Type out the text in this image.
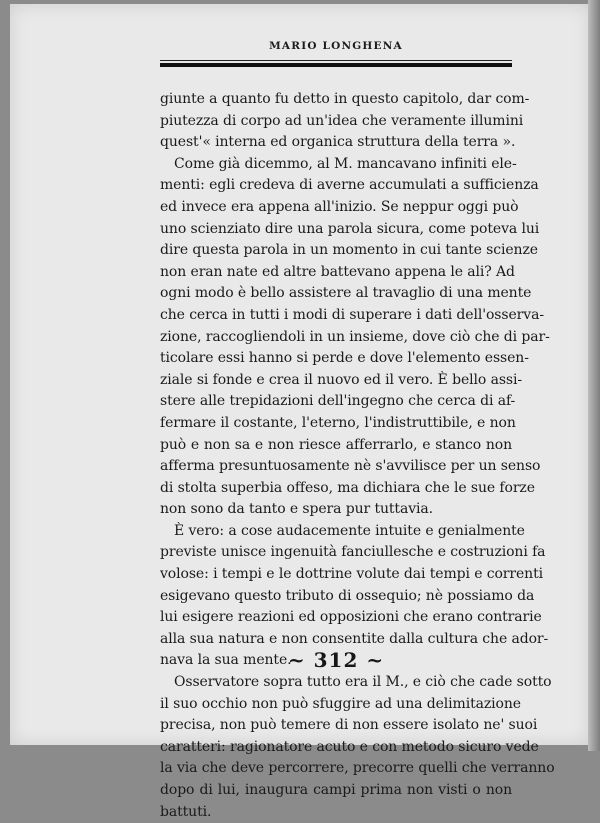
MARIO LONGHENA
giunte a quanto fu detto in questo capitolo, dar com-
piutezza di corpo ad un'idea che veramente illumini
quest'« interna ed organica struttura della terra ».
Come già dicemmo, al M. mancavano infiniti ele-
menti: egli credeva di averne accumulati a sufficienza
ed invece era appena all'inizio. Se neppur oggi può
uno scienziato dire una parola sicura, come poteva lui
dire questa parola in un momento in cui tante scienze
non eran nate ed altre battevano appena le ali? Ad
ogni modo è bello assistere al travaglio di una mente
che cerca in tutti i modi di superare i dati dell'osserva-
zione, raccogliendoli in un insieme, dove ciò che di par-
ticolare essi hanno si perde e dove l'elemento essen-
ziale si fonde e crea il nuovo ed il vero. È bello assi-
stere alle trepidazioni dell'ingegno che cerca di af-
fermare il costante, l'eterno, l'indistruttibile, e non
può e non sa e non riesce afferrarlo, e stanco non
afferma presuntuosamente nè s'avvilisce per un senso
di stolta superbia offeso, ma dichiara che le sue forze
non sono da tanto e spera pur tuttavia.
È vero: a cose audacemente intuite e genialmente
previste unisce ingenuità fanciullesche e costruzioni fa
volose: i tempi e le dottrine volute dai tempi e correnti
esigevano questo tributo di ossequio; nè possiamo da
lui esigere reazioni ed opposizioni che erano contrarie
alla sua natura e non consentite dalla cultura che ador-
nava la sua mente.
Osservatore sopra tutto era il M., e ciò che cade sotto
il suo occhio non può sfuggire ad una delimitazione
precisa, non può temere di non essere isolato ne' suoi
caratteri: ragionatore acuto e con metodo sicuro vede
la via che deve percorrere, precorre quelli che verranno
dopo di lui, inaugura campi prima non visti o non
battuti.
~ 312 ~
